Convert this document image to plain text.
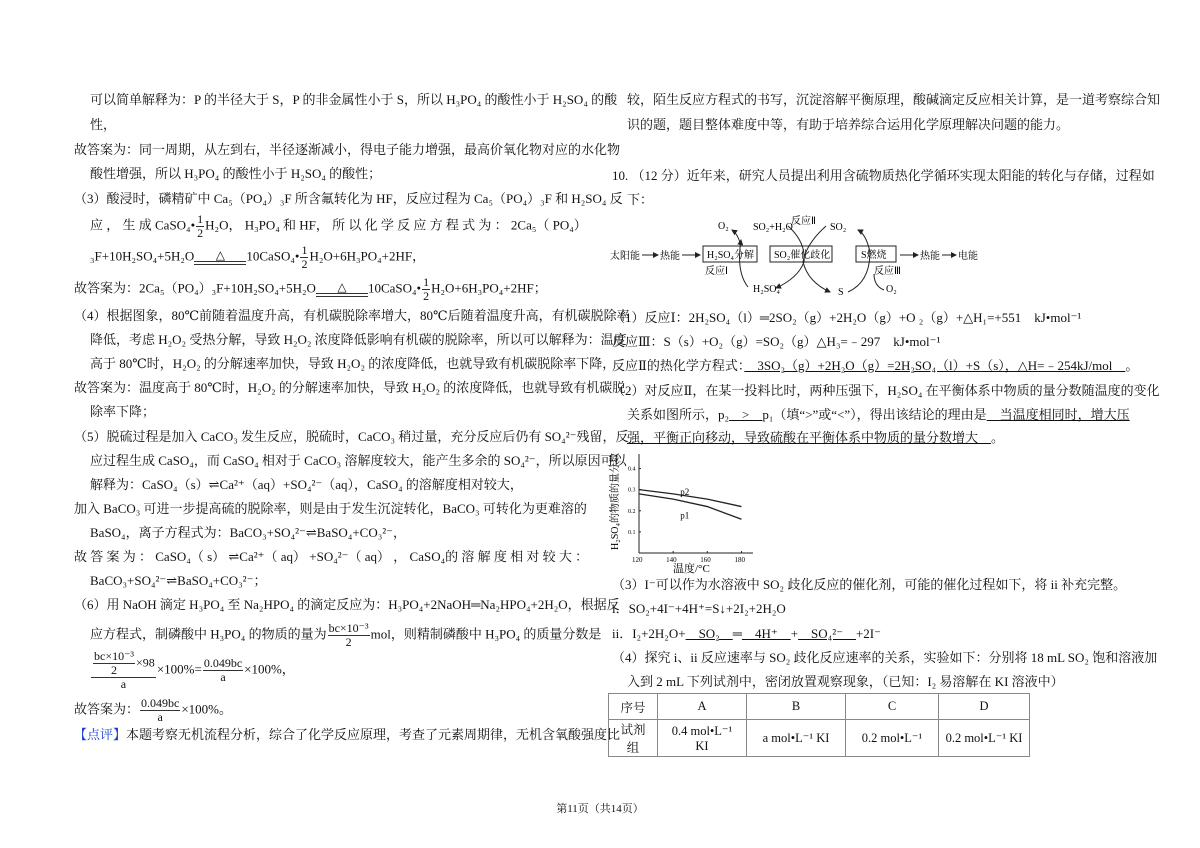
可以简单解释为：P 的半径大于 S，P 的非金属性小于 S，所以 H₃PO₄ 的酸性小于 H₂SO₄ 的酸
性，
故答案为：同一周期，从左到右，半径逐渐减小，得电子能力增强，最高价氧化物对应的水化物
酸性增强，所以 H₃PO₄ 的酸性小于 H₂SO₄ 的酸性；
（3）酸浸时，磷精矿中 Ca₅（PO₄）₃F 所含氟转化为 HF，反应过程为 Ca₅（PO₄）₃F 和 H₂SO₄ 反
应 ， 生 成 CaSO₄• $\frac{1}{2} H_2O$， H₃PO₄ 和 HF， 所 以 化 学 反 应 方 程 式 为 ： 2Ca₅（ PO₄）
₃F+10H₂SO₄+5H₂O △ 10CaSO₄• $\frac{1}{2} H_2O+6H_3PO_4+2HF$，
故答案为：2Ca₅（PO₄）₃F+10H₂SO₄+5H₂O △ 10CaSO₄• $\frac{1}{2} H_2O+6H_3PO_4+2HF$；
（4）根据图象，80℃前随着温度升高，有机碳脱除率增大，80℃后随着温度升高，有机碳脱除率
降低，考虑 H₂O₂ 受热分解，导致 H₂O₂ 浓度降低影响有机碳的脱除率，所以可以解释为：温度
高于 80℃时，H₂O₂ 的分解速率加快，导致 H₂O₂ 的浓度降低，也就导致有机碳脱除率下降，
故答案为：温度高于 80℃时，H₂O₂ 的分解速率加快，导致 H₂O₂ 的浓度降低，也就导致有机碳脱
除率下降；
（5）脱硫过程是加入 CaCO₃ 发生反应，脱硫时，CaCO₃ 稍过量，充分反应后仍有 SO₄²⁻残留，反
应过程生成 CaSO₄，而 CaSO₄ 相对于 CaCO₃ 溶解度较大，能产生多余的 SO₄²⁻，所以原因可以
解释为：CaSO₄（s）⇌Ca²⁺（aq）+SO₄²⁻（aq），CaSO₄ 的溶解度相对较大，
加入 BaCO₃ 可进一步提高硫的脱除率，则是由于发生沉淀转化，BaCO₃ 可转化为更难溶的
BaSO₄，离子方程式为：BaCO₃+SO₄²⁻⇌BaSO₄+CO₃²⁻，
故 答 案 为 ： CaSO₄（ s） ⇌Ca²⁺（ aq） +SO₄²⁻（ aq） ， CaSO₄的 溶 解 度 相 对 较 大 ：
BaCO₃+SO₄²⁻⇌BaSO₄+CO₃²⁻；
（6）用 NaOH 滴定 H₃PO₄ 至 Na₂HPO₄ 的滴定反应为：H₃PO₄+2NaOH═Na₂HPO₄+2H₂O，根据反
应方程式，制磷酸中 H₃PO₄ 的物质的量为 $\frac{\text{bc×10⁻³}}{2}$ mol，则精制磷酸中 H₃PO₄ 的质量分数是
$\frac{\frac{\text{bc×10⁻³}}{2} \times 98}{a} \times 100\%= \frac{0.049bc}{a} \times 100\%$，
故答案为： $\frac{0.049bc}{a} \times 100\%$。
【点评】本题考察无机流程分析，综合了化学反应原理，考查了元素周期律，无机含氧酸强度比
较，陌生反应方程式的书写，沉淀溶解平衡原理，酸碱滴定反应相关计算，是一道考察综合知
识的题，题目整体难度中等，有助于培养综合运用化学原理解决问题的能力。
10. （12 分）近年来，研究人员提出利用含硫物质热化学循环实现太阳能的转化与存储，过程如
下：
太阳能 热能	H₂SO₄分解 SO₂催化歧化	S燃烧	热能 电能
O₂ SO₂+H₂O
反应Ⅱ
SO₂
反应Ⅰ
H₂SO₄	S
反应Ⅲ
O₂
（1）反应Ⅰ：2H₂SO₄（l）═2SO₂（g）+2H₂O（g）+O ₂（g）+△H₁=+551　kJ•mol⁻¹
反应Ⅲ：S（s）+O₂（g）=SO₂（g）△H₃=﹣297　kJ•mol⁻¹
反应Ⅱ的热化学方程式：　3SO₂（g）+2H₂O（g）=2H₂SO₄（l）+S（s），△H=﹣254kJ/mol　。
（2）对反应Ⅱ，在某一投料比时，两种压强下，H₂SO₄ 在平衡体系中物质的量分数随温度的变化
关系如图所示，p₂　>　p₁（填“>”或“<”），得出该结论的理由是　当温度相同时，增大压
强，平衡正向移动，导致硫酸在平衡体系中物质的量分数增大　。
H₂SO₄的物质的量分数
温度/°C
120	140	160	180
0.1
0.2
0.3
0.4
p2
p1
（3）I⁻可以作为水溶液中 SO₂ 歧化反应的催化剂，可能的催化过程如下，将 ii 补充完整。
i．SO₂+4I⁻+4H⁺=S↓+2I₂+2H₂O
ii．I₂+2H₂O+　SO₂　═　4H⁺　+　SO₄²⁻　+2I⁻
（4）探究 i、ii 反应速率与 SO₂ 歧化反应速率的关系，实验如下：分别将 18 mL SO₂ 饱和溶液加
入到 2 mL 下列试剂中，密闭放置观察现象，（已知：I₂ 易溶解在 KI 溶液中）
序号	A	B	C	D
试剂组	0.4 mol•L⁻¹ KI	a mol•L⁻¹ KI	0.2 mol•L⁻¹	0.2 mol•L⁻¹ KI
第11页（共14页）
